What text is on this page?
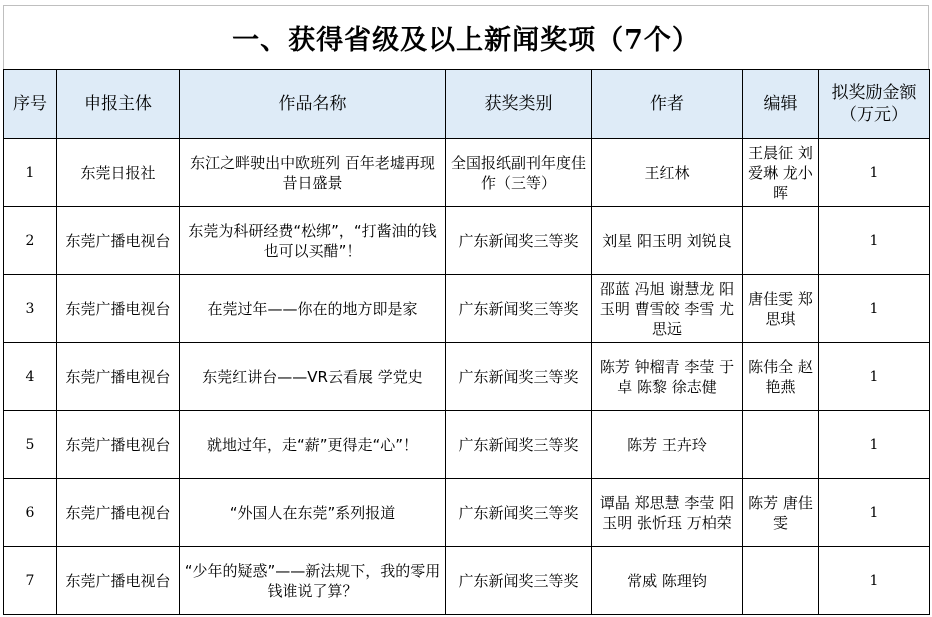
一、获得省级及以上新闻奖项（7个）
序号	申报主体	作品名称	获奖类别	作者	编辑	拟奖励金额（万元）
1	东莞日报社	东江之畔驶出中欧班列 百年老墟再现昔日盛景	全国报纸副刊年度佳作（三等）	王红林	王晨征 刘爱琳 龙小晖	1
2	东莞广播电视台	东莞为科研经费“松绑”，“打酱油的钱也可以买醋”！	广东新闻奖三等奖	刘星 阳玉明 刘锐良		1
3	东莞广播电视台	在莞过年——你在的地方即是家	广东新闻奖三等奖	邵蓝 冯旭 谢慧龙 阳玉明 曹雪皎 李雪 尤思远	唐佳雯 郑思琪	1
4	东莞广播电视台	东莞红讲台——VR云看展 学党史	广东新闻奖三等奖	陈芳 钟榴青 李莹 于卓 陈黎 徐志健	陈伟全 赵艳燕	1
5	东莞广播电视台	就地过年，走“薪”更得走“心”！	广东新闻奖三等奖	陈芳 王卉玲		1
6	东莞广播电视台	“外国人在东莞”系列报道	广东新闻奖三等奖	谭晶 郑思慧 李莹 阳玉明 张忻珏 万柏荣	陈芳 唐佳雯	1
7	东莞广播电视台	“少年的疑惑”——新法规下，我的零用钱谁说了算？	广东新闻奖三等奖	常威 陈理钧		1
